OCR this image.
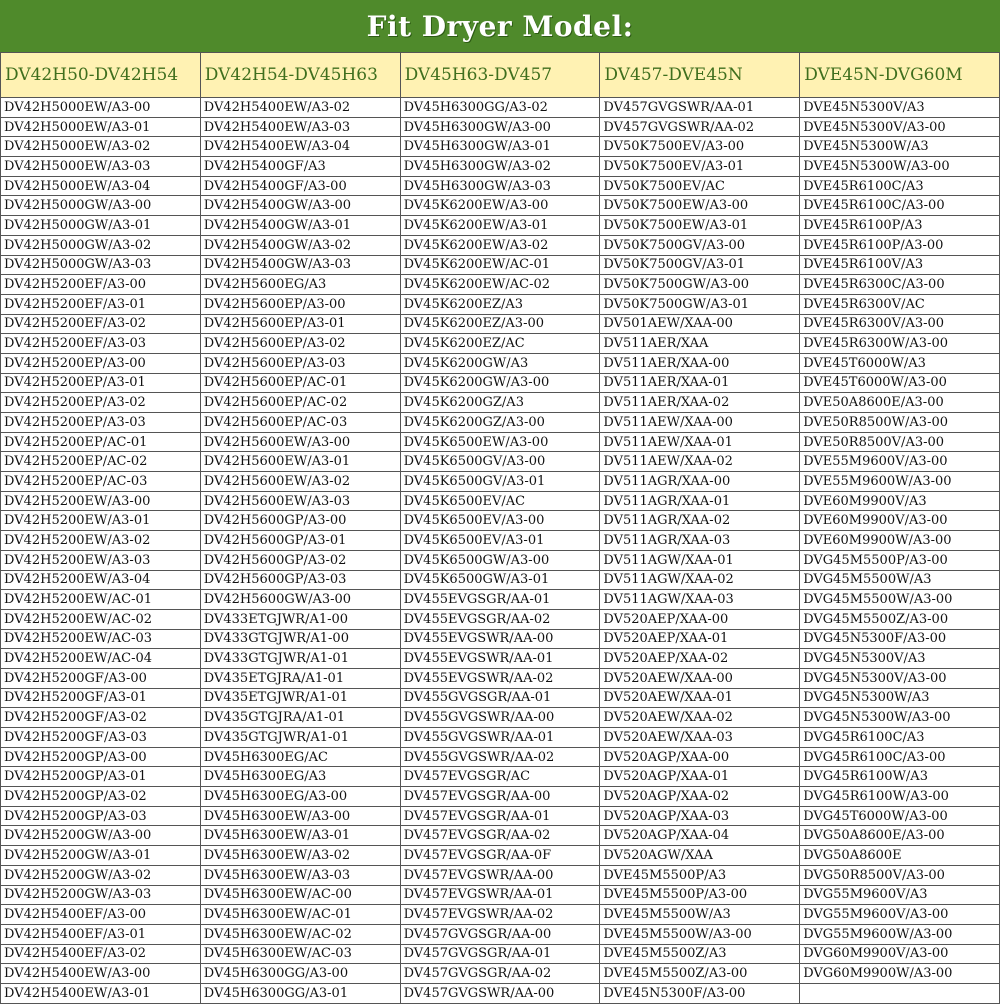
Fit Dryer Model:
DV42H50-DV42H54	DV42H54-DV45H63	DV45H63-DV457	DV457-DVE45N	DVE45N-DVG60M
DV42H5000EW/A3-00	DV42H5400EW/A3-02	DV45H6300GG/A3-02	DV457GVGSWR/AA-01	DVE45N5300V/A3
DV42H5000EW/A3-01	DV42H5400EW/A3-03	DV45H6300GW/A3-00	DV457GVGSWR/AA-02	DVE45N5300V/A3-00
DV42H5000EW/A3-02	DV42H5400EW/A3-04	DV45H6300GW/A3-01	DV50K7500EV/A3-00	DVE45N5300W/A3
DV42H5000EW/A3-03	DV42H5400GF/A3	DV45H6300GW/A3-02	DV50K7500EV/A3-01	DVE45N5300W/A3-00
DV42H5000EW/A3-04	DV42H5400GF/A3-00	DV45H6300GW/A3-03	DV50K7500EV/AC	DVE45R6100C/A3
DV42H5000GW/A3-00	DV42H5400GW/A3-00	DV45K6200EW/A3-00	DV50K7500EW/A3-00	DVE45R6100C/A3-00
DV42H5000GW/A3-01	DV42H5400GW/A3-01	DV45K6200EW/A3-01	DV50K7500EW/A3-01	DVE45R6100P/A3
DV42H5000GW/A3-02	DV42H5400GW/A3-02	DV45K6200EW/A3-02	DV50K7500GV/A3-00	DVE45R6100P/A3-00
DV42H5000GW/A3-03	DV42H5400GW/A3-03	DV45K6200EW/AC-01	DV50K7500GV/A3-01	DVE45R6100V/A3
DV42H5200EF/A3-00	DV42H5600EG/A3	DV45K6200EW/AC-02	DV50K7500GW/A3-00	DVE45R6300C/A3-00
DV42H5200EF/A3-01	DV42H5600EP/A3-00	DV45K6200EZ/A3	DV50K7500GW/A3-01	DVE45R6300V/AC
DV42H5200EF/A3-02	DV42H5600EP/A3-01	DV45K6200EZ/A3-00	DV501AEW/XAA-00	DVE45R6300V/A3-00
DV42H5200EF/A3-03	DV42H5600EP/A3-02	DV45K6200EZ/AC	DV511AER/XAA	DVE45R6300W/A3-00
DV42H5200EP/A3-00	DV42H5600EP/A3-03	DV45K6200GW/A3	DV511AER/XAA-00	DVE45T6000W/A3
DV42H5200EP/A3-01	DV42H5600EP/AC-01	DV45K6200GW/A3-00	DV511AER/XAA-01	DVE45T6000W/A3-00
DV42H5200EP/A3-02	DV42H5600EP/AC-02	DV45K6200GZ/A3	DV511AER/XAA-02	DVE50A8600E/A3-00
DV42H5200EP/A3-03	DV42H5600EP/AC-03	DV45K6200GZ/A3-00	DV511AEW/XAA-00	DVE50R8500W/A3-00
DV42H5200EP/AC-01	DV42H5600EW/A3-00	DV45K6500EW/A3-00	DV511AEW/XAA-01	DVE50R8500V/A3-00
DV42H5200EP/AC-02	DV42H5600EW/A3-01	DV45K6500GV/A3-00	DV511AEW/XAA-02	DVE55M9600V/A3-00
DV42H5200EP/AC-03	DV42H5600EW/A3-02	DV45K6500GV/A3-01	DV511AGR/XAA-00	DVE55M9600W/A3-00
DV42H5200EW/A3-00	DV42H5600EW/A3-03	DV45K6500EV/AC	DV511AGR/XAA-01	DVE60M9900V/A3
DV42H5200EW/A3-01	DV42H5600GP/A3-00	DV45K6500EV/A3-00	DV511AGR/XAA-02	DVE60M9900V/A3-00
DV42H5200EW/A3-02	DV42H5600GP/A3-01	DV45K6500EV/A3-01	DV511AGR/XAA-03	DVE60M9900W/A3-00
DV42H5200EW/A3-03	DV42H5600GP/A3-02	DV45K6500GW/A3-00	DV511AGW/XAA-01	DVG45M5500P/A3-00
DV42H5200EW/A3-04	DV42H5600GP/A3-03	DV45K6500GW/A3-01	DV511AGW/XAA-02	DVG45M5500W/A3
DV42H5200EW/AC-01	DV42H5600GW/A3-00	DV455EVGSGR/AA-01	DV511AGW/XAA-03	DVG45M5500W/A3-00
DV42H5200EW/AC-02	DV433ETGJWR/A1-00	DV455EVGSGR/AA-02	DV520AEP/XAA-00	DVG45M5500Z/A3-00
DV42H5200EW/AC-03	DV433GTGJWR/A1-00	DV455EVGSWR/AA-00	DV520AEP/XAA-01	DVG45N5300F/A3-00
DV42H5200EW/AC-04	DV433GTGJWR/A1-01	DV455EVGSWR/AA-01	DV520AEP/XAA-02	DVG45N5300V/A3
DV42H5200GF/A3-00	DV435ETGJRA/A1-01	DV455EVGSWR/AA-02	DV520AEW/XAA-00	DVG45N5300V/A3-00
DV42H5200GF/A3-01	DV435ETGJWR/A1-01	DV455GVGSGR/AA-01	DV520AEW/XAA-01	DVG45N5300W/A3
DV42H5200GF/A3-02	DV435GTGJRA/A1-01	DV455GVGSWR/AA-00	DV520AEW/XAA-02	DVG45N5300W/A3-00
DV42H5200GF/A3-03	DV435GTGJWR/A1-01	DV455GVGSWR/AA-01	DV520AEW/XAA-03	DVG45R6100C/A3
DV42H5200GP/A3-00	DV45H6300EG/AC	DV455GVGSWR/AA-02	DV520AGP/XAA-00	DVG45R6100C/A3-00
DV42H5200GP/A3-01	DV45H6300EG/A3	DV457EVGSGR/AC	DV520AGP/XAA-01	DVG45R6100W/A3
DV42H5200GP/A3-02	DV45H6300EG/A3-00	DV457EVGSGR/AA-00	DV520AGP/XAA-02	DVG45R6100W/A3-00
DV42H5200GP/A3-03	DV45H6300EW/A3-00	DV457EVGSGR/AA-01	DV520AGP/XAA-03	DVG45T6000W/A3-00
DV42H5200GW/A3-00	DV45H6300EW/A3-01	DV457EVGSGR/AA-02	DV520AGP/XAA-04	DVG50A8600E/A3-00
DV42H5200GW/A3-01	DV45H6300EW/A3-02	DV457EVGSGR/AA-0F	DV520AGW/XAA	DVG50A8600E
DV42H5200GW/A3-02	DV45H6300EW/A3-03	DV457EVGSWR/AA-00	DVE45M5500P/A3	DVG50R8500V/A3-00
DV42H5200GW/A3-03	DV45H6300EW/AC-00	DV457EVGSWR/AA-01	DVE45M5500P/A3-00	DVG55M9600V/A3
DV42H5400EF/A3-00	DV45H6300EW/AC-01	DV457EVGSWR/AA-02	DVE45M5500W/A3	DVG55M9600V/A3-00
DV42H5400EF/A3-01	DV45H6300EW/AC-02	DV457GVGSGR/AA-00	DVE45M5500W/A3-00	DVG55M9600W/A3-00
DV42H5400EF/A3-02	DV45H6300EW/AC-03	DV457GVGSGR/AA-01	DVE45M5500Z/A3	DVG60M9900V/A3-00
DV42H5400EW/A3-00	DV45H6300GG/A3-00	DV457GVGSGR/AA-02	DVE45M5500Z/A3-00	DVG60M9900W/A3-00
DV42H5400EW/A3-01	DV45H6300GG/A3-01	DV457GVGSWR/AA-00	DVE45N5300F/A3-00	
